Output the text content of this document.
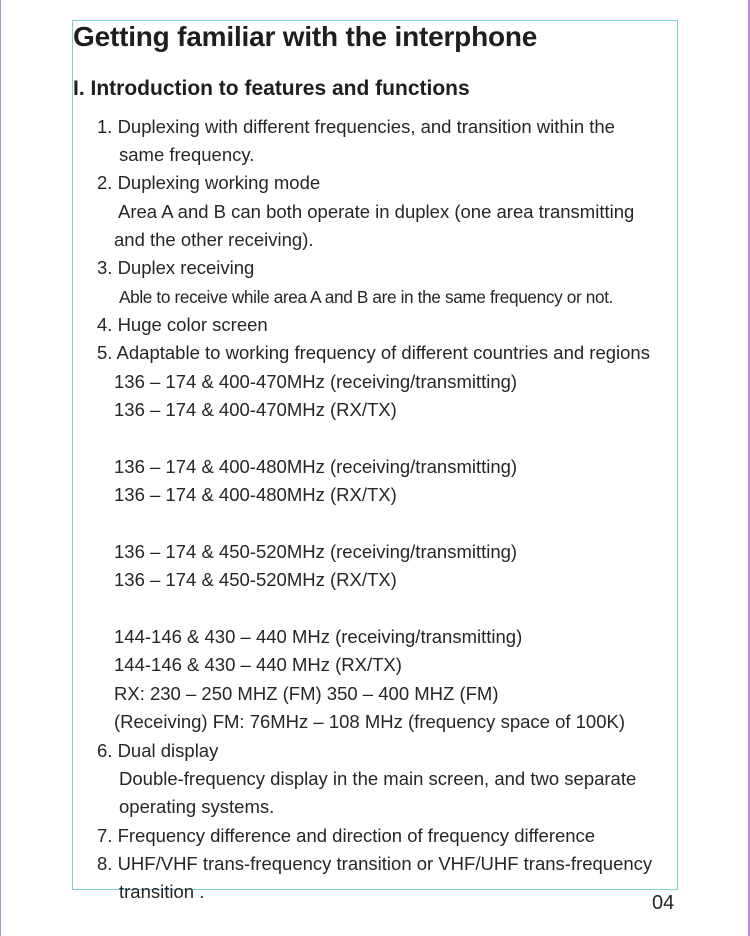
Getting familiar with the interphone
I. Introduction to features and functions
1. Duplexing with different frequencies, and transition within the
same frequency.
2. Duplexing working mode
Area A and B can both operate in duplex (one area transmitting
and the other receiving).
3. Duplex receiving
Able to receive while area A and B are in the same frequency or not.
4. Huge color screen
5. Adaptable to working frequency of different countries and regions
136 – 174 & 400-470MHz (receiving/transmitting)
136 – 174 & 400-470MHz (RX/TX)
136 – 174 & 400-480MHz (receiving/transmitting)
136 – 174 & 400-480MHz (RX/TX)
136 – 174 & 450-520MHz (receiving/transmitting)
136 – 174 & 450-520MHz (RX/TX)
144-146 & 430 – 440 MHz (receiving/transmitting)
144-146 & 430 – 440 MHz (RX/TX)
RX: 230 – 250 MHZ (FM) 350 – 400 MHZ (FM)
(Receiving) FM: 76MHz – 108 MHz (frequency space of 100K)
6. Dual display
Double-frequency display in the main screen, and two separate
operating systems.
7. Frequency difference and direction of frequency difference
8. UHF/VHF trans-frequency transition or VHF/UHF trans-frequency
transition .
04
